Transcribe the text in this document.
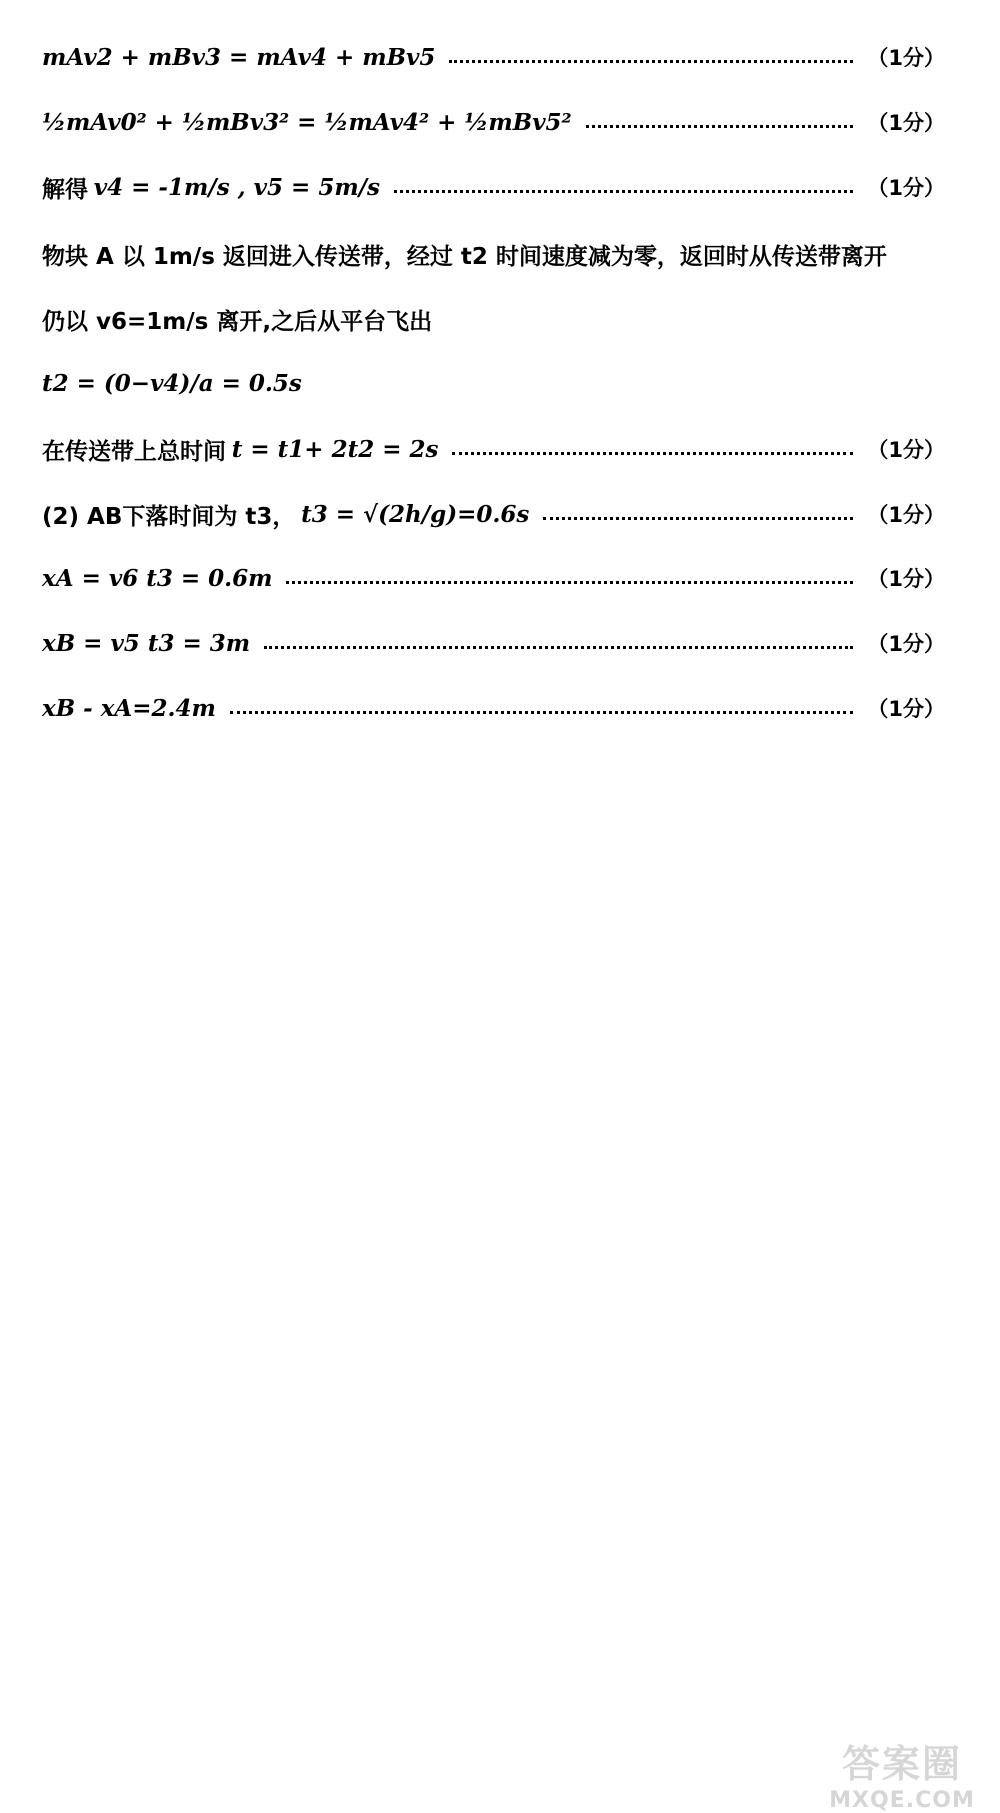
mAv2 + mBv3 = mAv4 + mBv5	（1分）
½mAv0² + ½mBv3² = ½mAv4² + ½mBv5²	（1分）
解得
v4 = -1m/s , v5 = 5m/s	（1分）
物块 A 以 1m/s 返回进入传送带，经过 t2 时间速度减为零，返回时从传送带离开
仍以 v6=1m/s 离开,之后从平台飞出
t2 = (0−v4)/a = 0.5s
在传送带上总时间
t = t1+ 2t2 = 2s	（1分）
(2) AB下落时间为 t3，
t3 = √(2h/g)=0.6s	（1分）
xA = v6 t3 = 0.6m	（1分）
xB = v5 t3 = 3m	（1分）
xB - xA=2.4m	（1分）
答案圈
MXQE.COM
